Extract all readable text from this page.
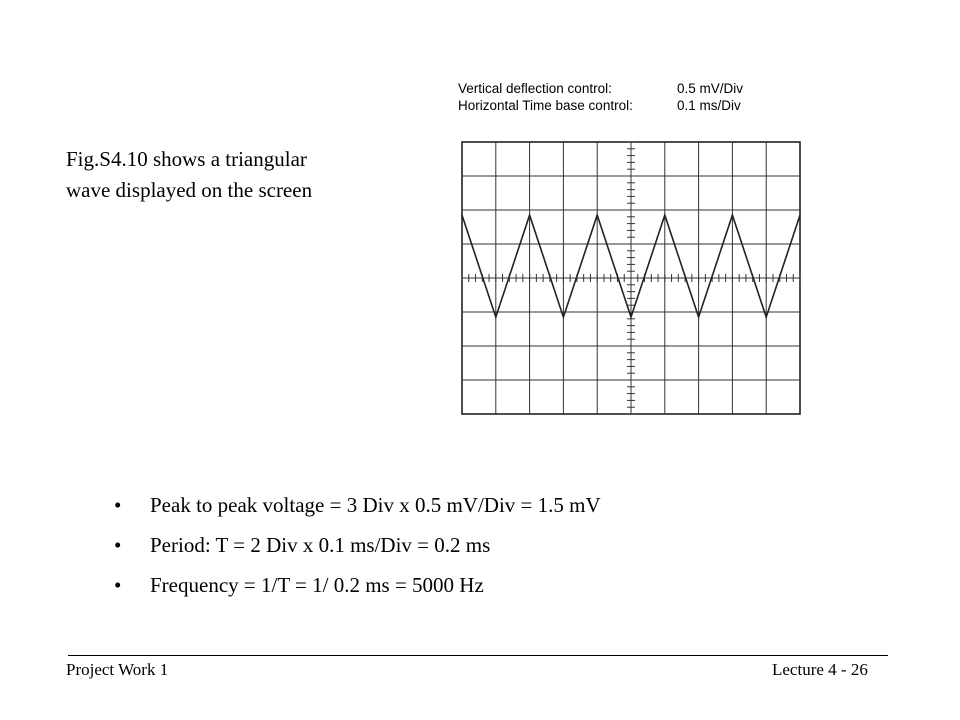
Vertical deflection control:	0.5 mV/Div
Horizontal Time base control:	0.1 ms/Div
Fig.S4.10 shows a triangular
wave displayed on the screen
• Peak to peak voltage = 3 Div x 0.5 mV/Div = 1.5 mV
• Period: T = 2 Div x 0.1 ms/Div = 0.2 ms
• Frequency = 1/T = 1/ 0.2 ms = 5000 Hz
Project Work 1	Lecture 4 - 26
